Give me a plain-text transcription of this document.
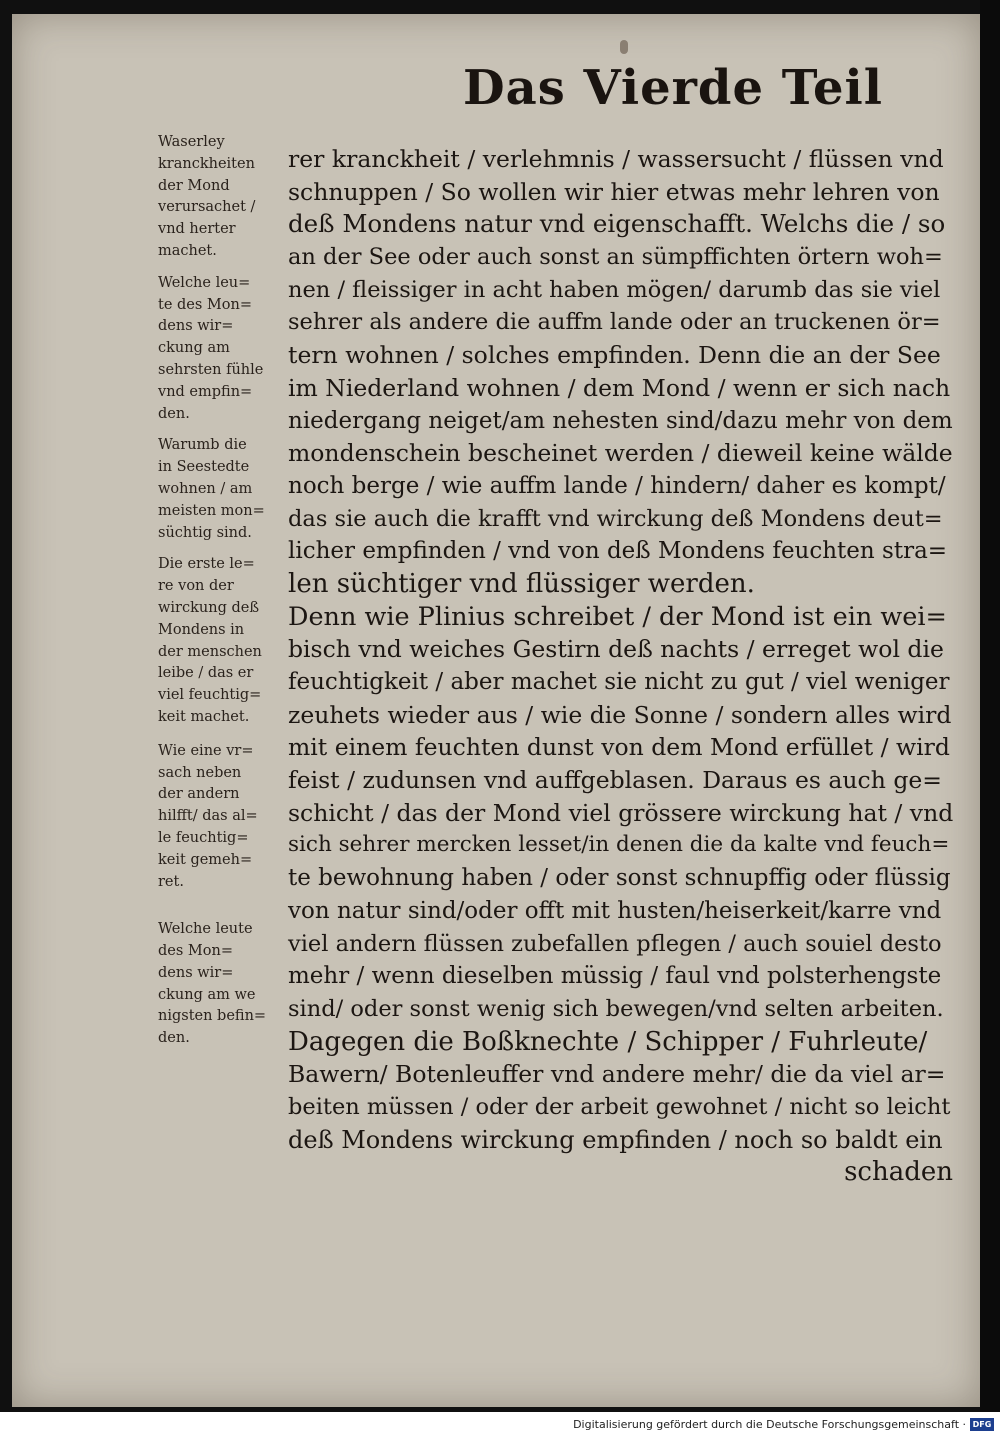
Das Vierde Teil
Waserley
kranckheiten
der Mond
verursachet /
vnd herter
machet.
Welche leu=
te des Mon=
dens wir=
ckung am
sehrsten fühle
vnd empfin=
den.
Warumb die
in Seestedte
wohnen / am
meisten mon=
süchtig sind.
Die erste le=
re von der
wirckung deß
Mondens in
der menschen
leibe / das er
viel feuchtig=
keit machet.
Wie eine vr=
sach neben
der andern
hilfft/ das al=
le feuchtig=
keit gemeh=
ret.
Welche leute
des Mon=
dens wir=
ckung am we
nigsten befin=
den.
rer kranckheit / verlehmnis / wassersucht / flüssen vnd
schnuppen / So wollen wir hier etwas mehr lehren von
deß Mondens natur vnd eigenschafft. Welchs die / so
an der See oder auch sonst an sümpffichten örtern woh=
nen / fleissiger in acht haben mögen/ darumb das sie viel
sehrer als andere die auffm lande oder an truckenen ör=
tern wohnen / solches empfinden. Denn die an der See
im Niederland wohnen / dem Mond / wenn er sich nach
niedergang neiget/am nehesten sind/dazu mehr von dem
mondenschein bescheinet werden / dieweil keine wälde
noch berge / wie auffm lande / hindern/ daher es kompt/
das sie auch die krafft vnd wirckung deß Mondens deut=
licher empfinden / vnd von deß Mondens feuchten stra=
len süchtiger vnd flüssiger werden.
Denn wie Plinius schreibet / der Mond ist ein wei=
bisch vnd weiches Gestirn deß nachts / erreget wol die
feuchtigkeit / aber machet sie nicht zu gut / viel weniger
zeuhets wieder aus / wie die Sonne / sondern alles wird
mit einem feuchten dunst von dem Mond erfüllet / wird
feist / zudunsen vnd auffgeblasen. Daraus es auch ge=
schicht / das der Mond viel grössere wirckung hat / vnd
sich sehrer mercken lesset/in denen die da kalte vnd feuch=
te bewohnung haben / oder sonst schnupffig oder flüssig
von natur sind/oder offt mit husten/heiserkeit/karre vnd
viel andern flüssen zubefallen pflegen / auch souiel desto
mehr / wenn dieselben müssig / faul vnd polsterhengste
sind/ oder sonst wenig sich bewegen/vnd selten arbeiten.
Dagegen die Boßknechte / Schipper / Fuhrleute/
Bawern/ Botenleuffer vnd andere mehr/ die da viel ar=
beiten müssen / oder der arbeit gewohnet / nicht so leicht
deß Mondens wirckung empfinden / noch so baldt ein
schaden
Digitalisierung gefördert durch die Deutsche Forschungsgemeinschaft · DFG
